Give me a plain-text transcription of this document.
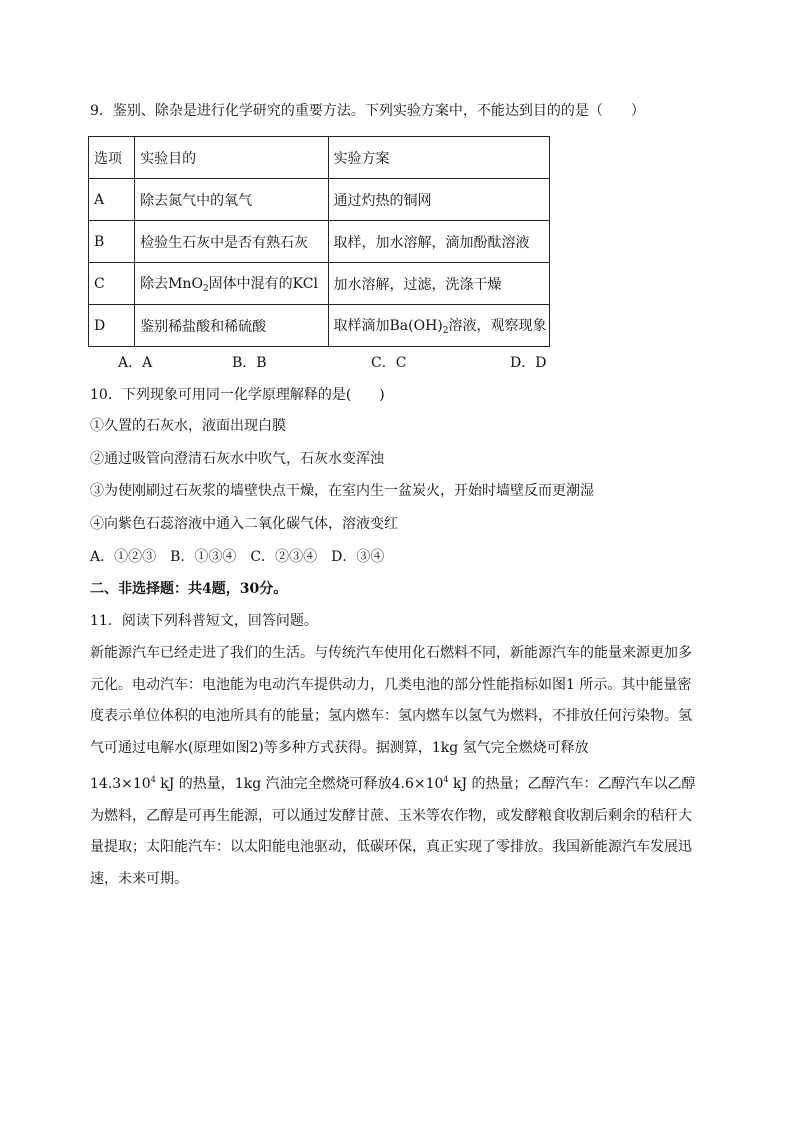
9．鉴别、除杂是进行化学研究的重要方法。下列实验方案中，不能达到目的的是（　　）
选项	实验目的	实验方案
A	除去氮气中的氧气	通过灼热的铜网
B	检验生石灰中是否有熟石灰	取样，加水溶解，滴加酚酞溶液
C	除去MnO$_2$固体中混有的KCl	加水溶解，过滤，洗涤干燥
D	鉴别稀盐酸和稀硫酸	取样滴加$Ba(OH)_2$溶液，观察现象
A．A	B．B	C．C	D．D
10．下列现象可用同一化学原理解释的是(　　)
①久置的石灰水，液面出现白膜
②通过吸管向澄清石灰水中吹气，石灰水变浑浊
③为使刚刷过石灰浆的墙壁快点干燥，在室内生一盆炭火，开始时墙壁反而更潮湿
④向紫色石蕊溶液中通入二氧化碳气体，溶液变红
A．①②③　B．①③④　C．②③④　D．③④
二、非选择题：共4题，30分。
11．阅读下列科普短文，回答问题。
新能源汽车已经走进了我们的生活。与传统汽车使用化石燃料不同，新能源汽车的能量来源更加多元化。电动汽车：电池能为电动汽车提供动力，几类电池的部分性能指标如图1 所示。其中能量密度表示单位体积的电池所具有的能量；氢内燃车：氢内燃车以氢气为燃料，不排放任何污染物。氢气可通过电解水(原理如图2)等多种方式获得。据测算，1kg 氢气完全燃烧可释放
$14.3\times 10^4$ kJ 的热量，1kg 汽油完全燃烧可释放$4.6\times 10^4$ kJ 的热量；乙醇汽车：乙醇汽车以乙醇为燃料，乙醇是可再生能源，可以通过发酵甘蔗、玉米等农作物，或发酵粮食收割后剩余的秸秆大量提取；太阳能汽车：以太阳能电池驱动，低碳环保，真正实现了零排放。我国新能源汽车发展迅速，未来可期。
